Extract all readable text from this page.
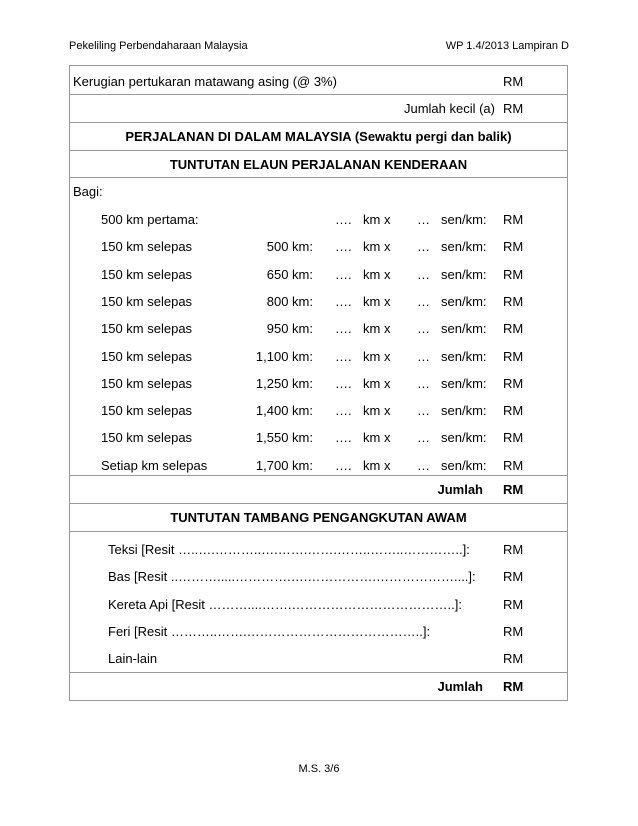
Pekeliling Perbendaharaan Malaysia	WP 1.4/2013 Lampiran D
Kerugian pertukaran matawang asing (@ 3%)	RM
Jumlah kecil (a) RM
PERJALANAN DI DALAM MALAYSIA (Sewaktu pergi dan balik)
TUNTUTAN ELAUN PERJALANAN KENDERAAN
Bagi:
500 km pertama:	…. km x … sen/km: RM
150 km selepas	500 km: …. km x … sen/km: RM
150 km selepas	650 km: …. km x … sen/km: RM
150 km selepas	800 km: …. km x … sen/km: RM
150 km selepas	950 km: …. km x … sen/km: RM
150 km selepas	1,100 km: …. km x … sen/km: RM
150 km selepas	1,250 km: …. km x … sen/km: RM
150 km selepas	1,400 km: …. km x … sen/km: RM
150 km selepas	1,550 km: …. km x … sen/km: RM
Setiap km selepas	1,700 km: …. km x … sen/km: RM
Jumlah RM
TUNTUTAN TAMBANG PENGANGKUTAN AWAM
Teksi [Resit …..….………..….…….…….……..……..…………..]:	RM
Bas [Resit ..……….....………….….…………….………………....]:	RM
Kereta Api [Resit ………....…….………………………………..]:	RM
Feri [Resit ………..…….…………………………………..]:	RM
Lain-lain	RM
Jumlah RM
M.S. 3/6
